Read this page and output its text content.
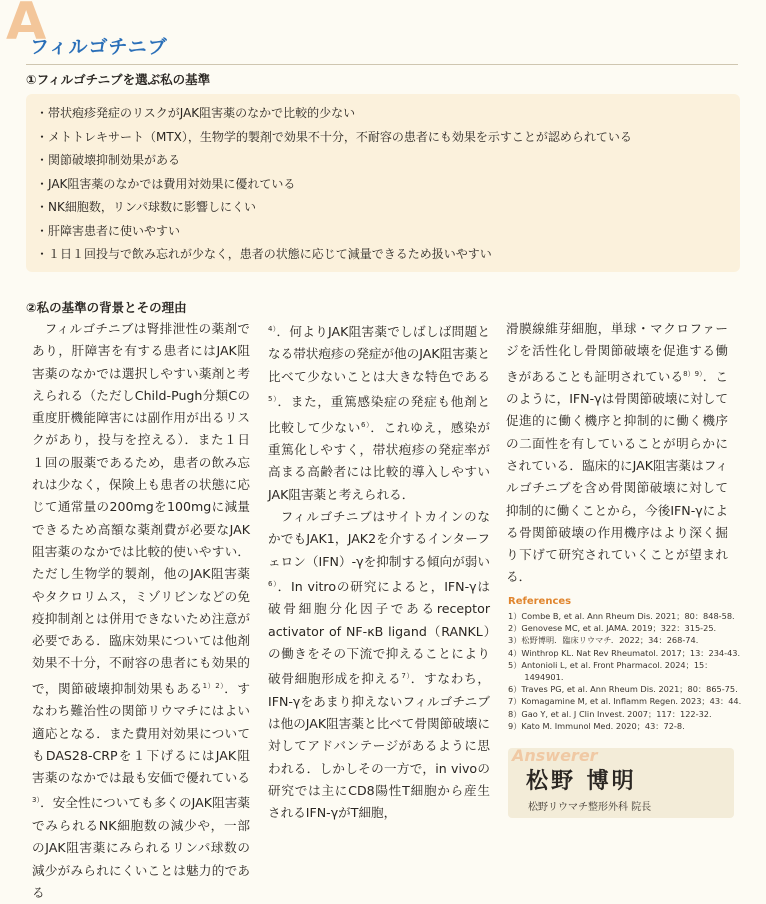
A
フィルゴチニブ
①フィルゴチニブを選ぶ私の基準
・帯状疱疹発症のリスクがJAK阻害薬のなかで比較的少ない
・メトトレキサート（MTX），生物学的製剤で効果不十分，不耐容の患者にも効果を示すことが認められている
・関節破壊抑制効果がある
・JAK阻害薬のなかでは費用対効果に優れている
・NK細胞数，リンパ球数に影響しにくい
・肝障害患者に使いやすい
・１日１回投与で飲み忘れが少なく，患者の状態に応じて減量できるため扱いやすい
②私の基準の背景とその理由

フィルゴチニブは腎排泄性の薬剤であり，肝障害を有する患者にはJAK阻害薬のなかでは選択しやすい薬剤と考えられる（ただしChild-Pugh分類Cの重度肝機能障害には副作用が出るリスクがあり，投与を控える）．また１日１回の服薬であるため，患者の飲み忘れは少なく，保険上も患者の状態に応じて通常量の200mgを100mgに減量できるため高額な薬剤費が必要なJAK阻害薬のなかでは比較的使いやすい．ただし生物学的製剤，他のJAK阻害薬やタクロリムス，ミゾリビンなどの免疫抑制剤とは併用できないため注意が必要である．臨床効果については他剤効果不十分，不耐容の患者にも効果的で，関節破壊抑制効果もある$^{1)2)}$．すなわち難治性の関節リウマチにはよい適応となる．また費用対効果についてもDAS28-CRPを１下げるにはJAK阻害薬のなかでは最も安価で優れている$^{3)}$．安全性についても多くのJAK阻害薬でみられるNK細胞数の減少や，一部のJAK阻害薬にみられるリンパ球数の減少がみられにくいことは魅力的である

$^{4)}$．何よりJAK阻害薬でしばしば問題となる帯状疱疹の発症が他のJAK阻害薬と比べて少ないことは大きな特色である$^{5)}$．また，重篤感染症の発症も他剤と比較して少ない$^{6)}$．これゆえ，感染が重篤化しやすく，帯状疱疹の発症率が高まる高齢者には比較的導入しやすいJAK阻害薬と考えられる．

フィルゴチニブはサイトカインのなかでもJAK1，JAK2を介するインターフェロン（IFN）-γを抑制する傾向が弱い$^{6)}$．In vitroの研究によると，IFN-γは破骨細胞分化因子であるreceptor activator of NF-κB ligand（RANKL）の働きをその下流で抑えることにより破骨細胞形成を抑える$^{7)}$．すなわち，IFN-γをあまり抑えないフィルゴチニブは他のJAK阻害薬と比べて骨関節破壊に対してアドバンテージがあるように思われる．しかしその一方で，in vivoの研究では主にCD8陽性T細胞から産生されるIFN-γがT細胞，

滑膜線維芽細胞，単球・マクロファージを活性化し骨関節破壊を促進する働きがあることも証明されている$^{8)9)}$．このように，IFN-γは骨関節破壊に対して促進的に働く機序と抑制的に働く機序の二面性を有していることが明らかにされている．臨床的にJAK阻害薬はフィルゴチニブを含め骨関節破壊に対して抑制的に働くことから，今後IFN-γによる骨関節破壊の作用機序はより深く掘り下げて研究されていくことが望まれる．

References
1）Combe B, et al. Ann Rheum Dis. 2021；80：848-58.
2）Genovese MC, et al. JAMA. 2019；322：315-25.
3）松野博明．臨床リウマチ．2022；34：268-74.
4）Winthrop KL. Nat Rev Rheumatol. 2017；13：234-43.
5）Antonioli L, et al. Front Pharmacol. 2024；15：
　　1494901.
6）Traves PG, et al. Ann Rheum Dis. 2021；80：865-75.
7）Komagamine M, et al. Inflamm Regen. 2023；43：44.
8）Gao Y, et al. J Clin Invest. 2007；117：122-32.
9）Kato M. Immunol Med. 2020；43：72-8.
Answerer
松野 博明
松野リウマチ整形外科 院長
